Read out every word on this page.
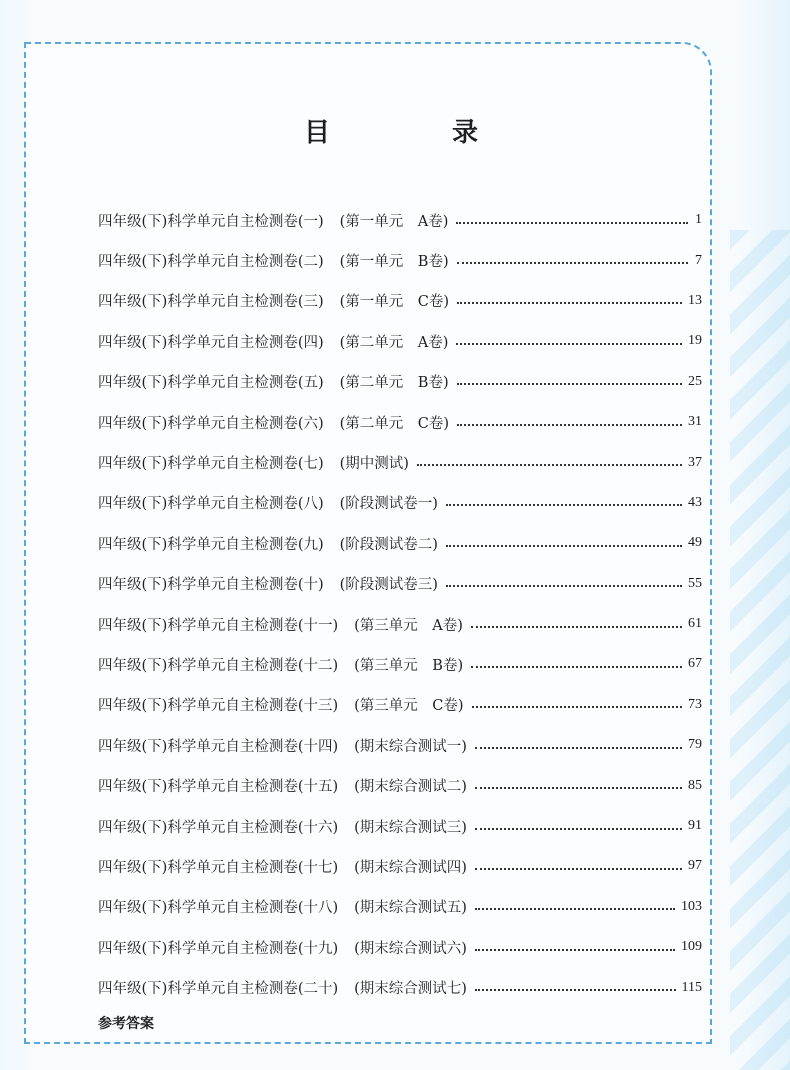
目　录
四年级(下)科学单元自主检测卷(一) (第一单元　A卷)	1
四年级(下)科学单元自主检测卷(二) (第一单元　B卷)	7
四年级(下)科学单元自主检测卷(三) (第一单元　C卷)	13
四年级(下)科学单元自主检测卷(四) (第二单元　A卷)	19
四年级(下)科学单元自主检测卷(五) (第二单元　B卷)	25
四年级(下)科学单元自主检测卷(六) (第二单元　C卷)	31
四年级(下)科学单元自主检测卷(七) (期中测试)	37
四年级(下)科学单元自主检测卷(八) (阶段测试卷一)	43
四年级(下)科学单元自主检测卷(九) (阶段测试卷二)	49
四年级(下)科学单元自主检测卷(十) (阶段测试卷三)	55
四年级(下)科学单元自主检测卷(十一) (第三单元　A卷)	61
四年级(下)科学单元自主检测卷(十二) (第三单元　B卷)	67
四年级(下)科学单元自主检测卷(十三) (第三单元　C卷)	73
四年级(下)科学单元自主检测卷(十四) (期末综合测试一)	79
四年级(下)科学单元自主检测卷(十五) (期末综合测试二)	85
四年级(下)科学单元自主检测卷(十六) (期末综合测试三)	91
四年级(下)科学单元自主检测卷(十七) (期末综合测试四)	97
四年级(下)科学单元自主检测卷(十八) (期末综合测试五)	103
四年级(下)科学单元自主检测卷(十九) (期末综合测试六)	109
四年级(下)科学单元自主检测卷(二十) (期末综合测试七)	115
参考答案
